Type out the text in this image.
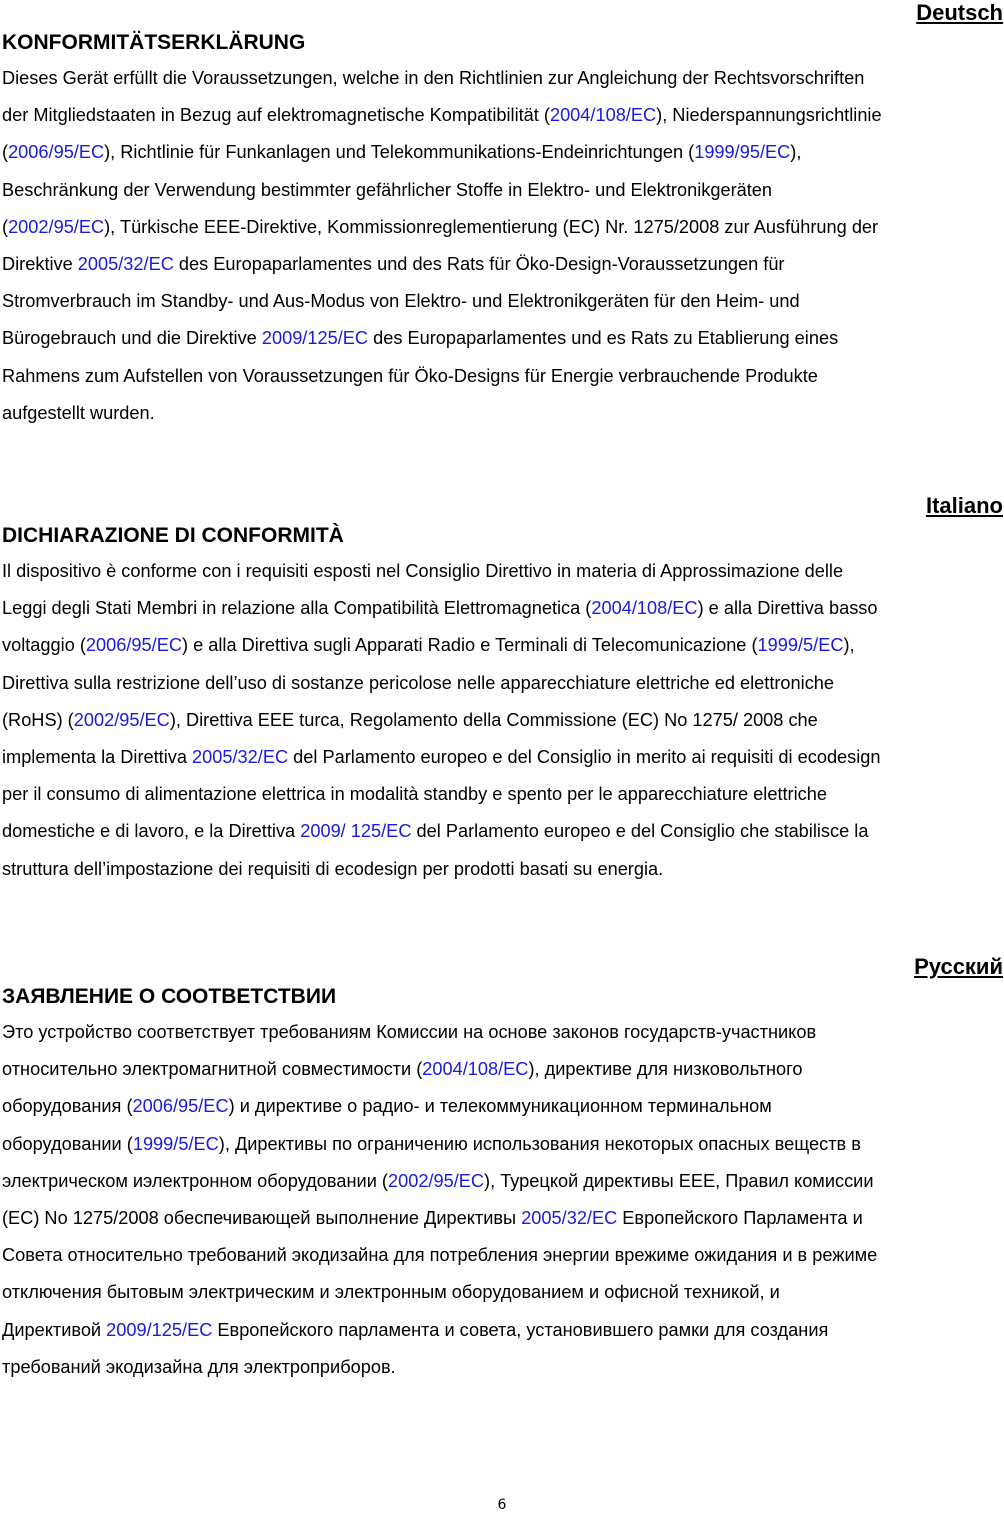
Deutsch
KONFORMITÄTSERKLÄRUNG
Dieses Gerät erfüllt die Voraussetzungen, welche in den Richtlinien zur Angleichung der Rechtsvorschriften
der Mitgliedstaaten in Bezug auf elektromagnetische Kompatibilität (2004/108/EC), Niederspannungsrichtlinie
(2006/95/EC), Richtlinie für Funkanlagen und Telekommunikations-Endeinrichtungen (1999/95/EC),
Beschränkung der Verwendung bestimmter gefährlicher Stoffe in Elektro- und Elektronikgeräten
(2002/95/EC), Türkische EEE-Direktive, Kommissionreglementierung (EC) Nr. 1275/2008 zur Ausführung der
Direktive 2005/32/EC des Europaparlamentes und des Rats für Öko-Design-Voraussetzungen für
Stromverbrauch im Standby- und Aus-Modus von Elektro- und Elektronikgeräten für den Heim- und
Bürogebrauch und die Direktive 2009/125/EC des Europaparlamentes und es Rats zu Etablierung eines
Rahmens zum Aufstellen von Voraussetzungen für Öko-Designs für Energie verbrauchende Produkte
aufgestellt wurden.
Italiano
DICHIARAZIONE DI CONFORMITÀ
Il dispositivo è conforme con i requisiti esposti nel Consiglio Direttivo in materia di Approssimazione delle
Leggi degli Stati Membri in relazione alla Compatibilità Elettromagnetica (2004/108/EC) e alla Direttiva basso
voltaggio (2006/95/EC) e alla Direttiva sugli Apparati Radio e Terminali di Telecomunicazione (1999/5/EC),
Direttiva sulla restrizione dell’uso di sostanze pericolose nelle apparecchiature elettriche ed elettroniche
(RoHS) (2002/95/EC), Direttiva EEE turca, Regolamento della Commissione (EC) No 1275/ 2008 che
implementa la Direttiva 2005/32/EC del Parlamento europeo e del Consiglio in merito ai requisiti di ecodesign
per il consumo di alimentazione elettrica in modalità standby e spento per le apparecchiature elettriche
domestiche e di lavoro, e la Direttiva 2009/ 125/EC del Parlamento europeo e del Consiglio che stabilisce la
struttura dell’impostazione dei requisiti di ecodesign per prodotti basati su energia.
Русский
ЗАЯВЛЕНИЕ О СООТВЕТСТВИИ
Это устройство соответствует требованиям Комиссии на основе законов государств-участников
относительно электромагнитной совместимости (2004/108/EC), директиве для низковольтного
оборудования (2006/95/EC) и директиве о радио- и телекоммуникационном терминальном
оборудовании (1999/5/EC), Директивы по ограничению использования некоторых опасных веществ в
электрическом иэлектронном оборудовании (2002/95/EC), Турецкой директивы EEE, Правил комиссии
(EC) No 1275/2008 обеспечивающей выполнение Директивы 2005/32/EC Европейского Парламента и
Совета относительно требований экодизайна для потребления энергии врежиме ожидания и в режиме
отключения бытовым электрическим и электронным оборудованием и офисной техникой, и
Директивой 2009/125/EC Европейского парламента и совета, установившего рамки для создания
требований экодизайна для электроприборов.
6
